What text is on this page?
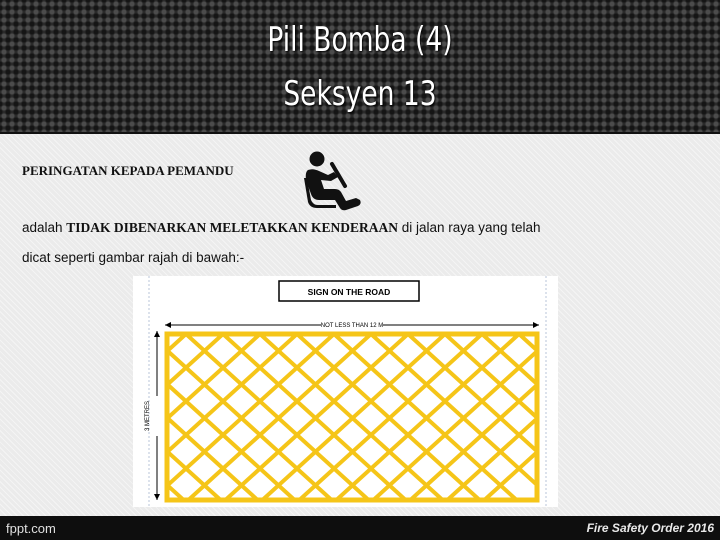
Pili Bomba (4)
Seksyen 13
PERINGATAN KEPADA PEMANDU
adalah TIDAK DIBENARKAN MELETAKKAN KENDERAAN di jalan raya yang telah
dicat seperti gambar rajah di bawah:-
SIGN ON THE ROAD
NOT LESS THAN 12 M
3 METRES
fppt.com	Fire Safety Order 2016
